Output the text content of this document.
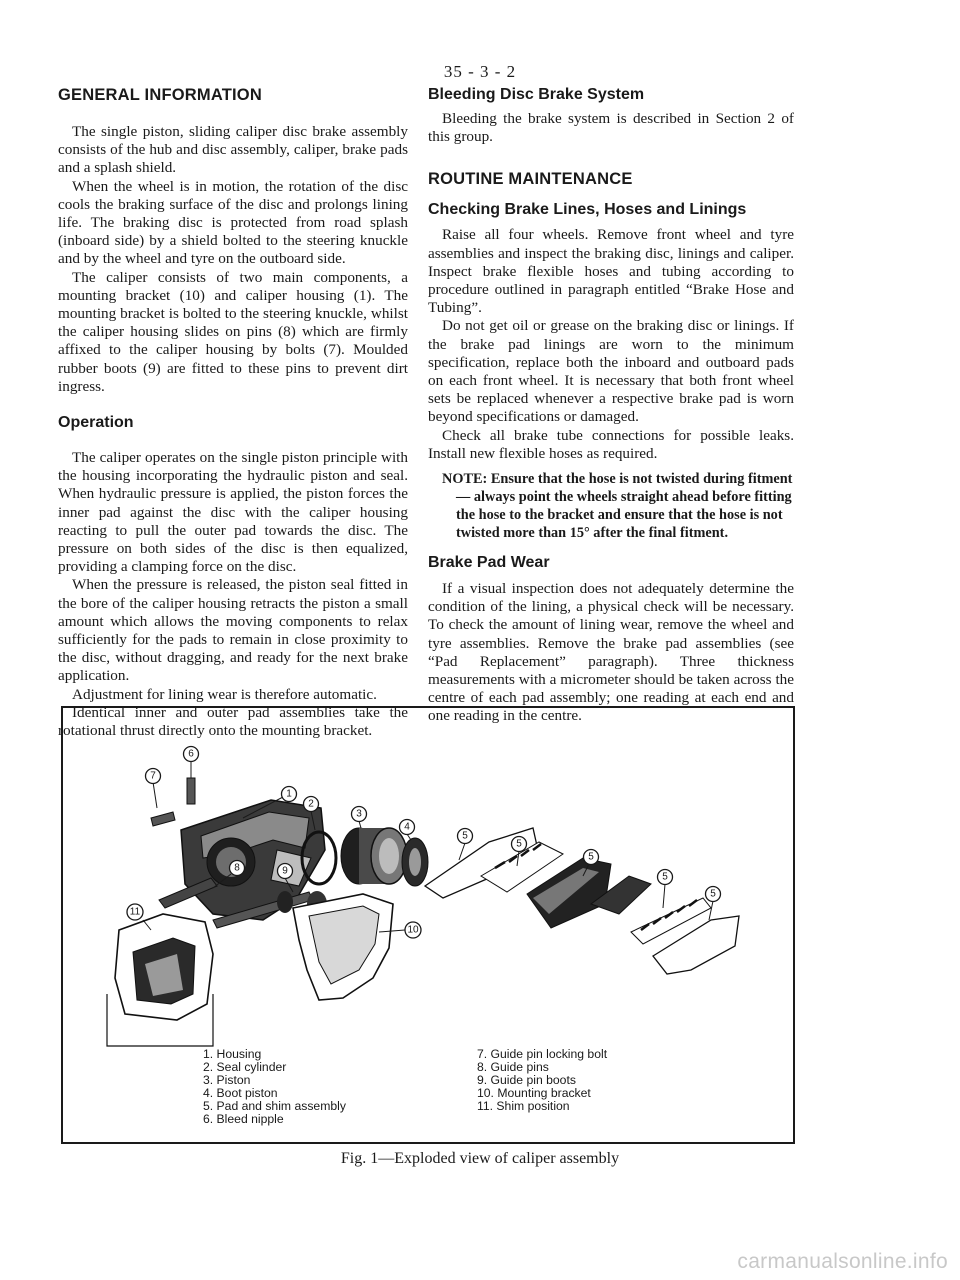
35 - 3 - 2
GENERAL INFORMATION

The single piston, sliding caliper disc brake assembly consists of the hub and disc assembly, caliper, brake pads and a splash shield.

When the wheel is in motion, the rotation of the disc cools the braking surface of the disc and prolongs lining life. The braking disc is protected from road splash (inboard side) by a shield bolted to the steering knuckle and by the wheel and tyre on the outboard side.

The caliper consists of two main components, a mounting bracket (10) and caliper housing (1). The mounting bracket is bolted to the steering knuckle, whilst the caliper housing slides on pins (8) which are firmly affixed to the caliper housing by bolts (7). Moulded rubber boots (9) are fitted to these pins to prevent dirt ingress.

Operation

The caliper operates on the single piston principle with the housing incorporating the hydraulic piston and seal. When hydraulic pressure is applied, the piston forces the inner pad against the disc with the caliper housing reacting to pull the outer pad towards the disc. The pressure on both sides of the disc is then equalized, providing a clamping force on the disc.

When the pressure is released, the piston seal fitted in the bore of the caliper housing retracts the piston a small amount which allows the moving components to relax sufficiently for the pads to remain in close proximity to the disc, without dragging, and ready for the next brake application.

Adjustment for lining wear is therefore automatic.

Identical inner and outer pad assemblies take the rotational thrust directly onto the mounting bracket.

Bleeding Disc Brake System

Bleeding the brake system is described in Section 2 of this group.

ROUTINE MAINTENANCE
Checking Brake Lines, Hoses and Linings

Raise all four wheels. Remove front wheel and tyre assemblies and inspect the braking disc, linings and caliper. Inspect brake flexible hoses and tubing according to procedure outlined in paragraph entitled “Brake Hose and Tubing”.

Do not get oil or grease on the braking disc or linings. If the brake pad linings are worn to the minimum specification, replace both the inboard and outboard pads on each front wheel. It is necessary that both front wheel sets be replaced whenever a respective brake pad is worn beyond specifications or damaged.

Check all brake tube connections for possible leaks. Install new flexible hoses as required.

NOTE: Ensure that the hose is not twisted during fitment — always point the wheels straight ahead before fitting the hose to the bracket and ensure that the hose is not twisted more than 15° after the final fitment.

Brake Pad Wear

If a visual inspection does not adequately determine the condition of the lining, a physical check will be necessary. To check the amount of lining wear, remove the wheel and tyre assemblies. Remove the brake pad assemblies (see “Pad Replacement” paragraph). Three thickness measurements with a micrometer should be taken across the centre of each pad assembly; one reading at each end and one reading in the centre.

6
7
1
2
3
4
5
5
5
5
5
8	9
10
11
1. Housing
2. Seal cylinder
3. Piston
4. Boot piston
5. Pad and shim assembly
6. Bleed nipple
7. Guide pin locking bolt
8. Guide pins
9. Guide pin boots
10. Mounting bracket
11. Shim position
Fig. 1—Exploded view of caliper assembly
carmanualsonline.info
